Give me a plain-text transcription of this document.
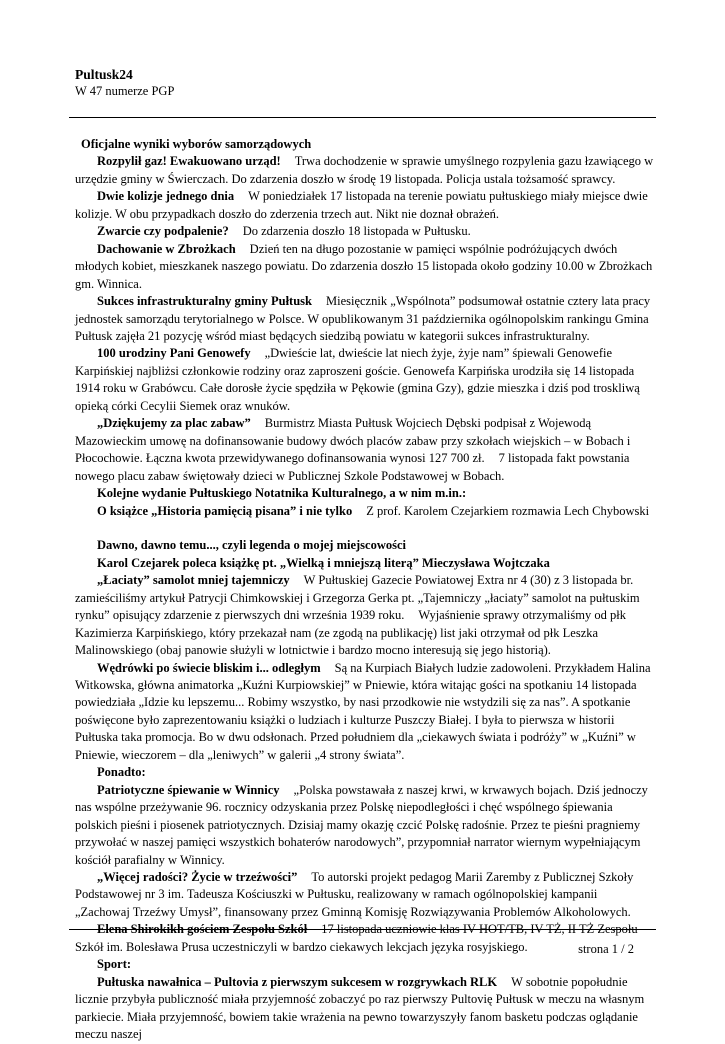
Pultusk24
W 47 numerze PGP

Oficjalne wyniki wyborów samorządowych

Rozpylił gaz! Ewakuowano urząd! Trwa dochodzenie w sprawie umyślnego rozpylenia gazu łzawiącego w urzędzie gminy w Świerczach. Do zdarzenia doszło w środę 19 listopada. Policja ustala tożsamość sprawcy.

Dwie kolizje jednego dnia W poniedziałek 17 listopada na terenie powiatu pułtuskiego miały miejsce dwie kolizje. W obu przypadkach doszło do zderzenia trzech aut. Nikt nie doznał obrażeń.

Zwarcie czy podpalenie? Do zdarzenia doszło 18 listopada w Pułtusku.

Dachowanie w Zbrożkach Dzień ten na długo pozostanie w pamięci wspólnie podróżujących dwóch młodych kobiet, mieszkanek naszego powiatu. Do zdarzenia doszło 15 listopada około godziny 10.00 w Zbrożkach gm. Winnica.

Sukces infrastrukturalny gminy Pułtusk Miesięcznik „Wspólnota” podsumował ostatnie cztery lata pracy jednostek samorządu terytorialnego w Polsce. W opublikowanym 31 października ogólnopolskim rankingu Gmina Pułtusk zajęła 21 pozycję wśród miast będących siedzibą powiatu w kategorii sukces infrastrukturalny.

100 urodziny Pani Genowefy „Dwieście lat, dwieście lat niech żyje, żyje nam” śpiewali Genowefie Karpińskiej najbliżsi członkowie rodziny oraz zaproszeni goście. Genowefa Karpińska urodziła się 14 listopada 1914 roku w Grabówcu. Całe dorosłe życie spędziła w Pękowie (gmina Gzy), gdzie mieszka i dziś pod troskliwą opieką córki Cecylii Siemek oraz wnuków.

„Dziękujemy za plac zabaw” Burmistrz Miasta Pułtusk Wojciech Dębski podpisał z Wojewodą Mazowieckim umowę na dofinansowanie budowy dwóch placów zabaw przy szkołach wiejskich – w Bobach i Płocochowie. Łączna kwota przewidywanego dofinansowania wynosi 127 700 zł. 7 listopada fakt powstania nowego placu zabaw świętowały dzieci w Publicznej Szkole Podstawowej w Bobach.

Kolejne wydanie Pułtuskiego Notatnika Kulturalnego, a w nim m.in.:

O książce „Historia pamięcią pisana” i nie tylko Z prof. Karolem Czejarkiem rozmawia Lech Chybowski

Dawno, dawno temu..., czyli legenda o mojej miejscowości

Karol Czejarek poleca książkę pt. „Wielką i mniejszą literą” Mieczysława Wojtczaka

„Łaciaty” samolot mniej tajemniczy W Pułtuskiej Gazecie Powiatowej Extra nr 4 (30) z 3 listopada br. zamieściliśmy artykuł Patrycji Chimkowskiej i Grzegorza Gerka pt. „Tajemniczy „łaciaty” samolot na pułtuskim rynku” opisujący zdarzenie z pierwszych dni września 1939 roku. Wyjaśnienie sprawy otrzymaliśmy od płk Kazimierza Karpińskiego, który przekazał nam (ze zgodą na publikację) list jaki otrzymał od płk Leszka Malinowskiego (obaj panowie służyli w lotnictwie i bardzo mocno interesują się jego historią).

Wędrówki po świecie bliskim i... odległym Są na Kurpiach Białych ludzie zadowoleni. Przykładem Halina Witkowska, główna animatorka „Kuźni Kurpiowskiej” w Pniewie, która witając gości na spotkaniu 14 listopada powiedziała „Idzie ku lepszemu... Robimy wszystko, by nasi przodkowie nie wstydzili się za nas”. A spotkanie poświęcone było zaprezentowaniu książki o ludziach i kulturze Puszczy Białej. I była to pierwsza w historii Pułtuska taka promocja. Bo w dwu odsłonach. Przed południem dla „ciekawych świata i podróży” w „Kuźni” w Pniewie, wieczorem – dla „leniwych” w galerii „4 strony świata”.

Ponadto:

Patriotyczne śpiewanie w Winnicy „Polska powstawała z naszej krwi, w krwawych bojach. Dziś jednoczy nas wspólne przeżywanie 96. rocznicy odzyskania przez Polskę niepodległości i chęć wspólnego śpiewania polskich pieśni i piosenek patriotycznych. Dzisiaj mamy okazję czcić Polskę radośnie. Przez te pieśni pragniemy przywołać w naszej pamięci wszystkich bohaterów narodowych”, przypomniał narrator wiernym wypełniającym kościół parafialny w Winnicy.

„Więcej radości? Życie w trzeźwości” To autorski projekt pedagog Marii Zaremby z Publicznej Szkoły Podstawowej nr 3 im. Tadeusza Kościuszki w Pułtusku, realizowany w ramach ogólnopolskiej kampanii „Zachowaj Trzeźwy Umysł”, finansowany przez Gminną Komisję Rozwiązywania Problemów Alkoholowych.

Elena Shirokikh gościem Zespołu Szkół 17 listopada uczniowie klas IV HOT/TB, IV TŻ, II TŻ Zespołu Szkół im. Bolesława Prusa uczestniczyli w bardzo ciekawych lekcjach języka rosyjskiego.

Sport:

Pułtuska nawałnica – Pultovia z pierwszym sukcesem w rozgrywkach RLK W sobotnie popołudnie licznie przybyła publiczność miała przyjemność zobaczyć po raz pierwszy Pultovię Pułtusk w meczu na własnym parkiecie. Miała przyjemność, bowiem takie wrażenia na pewno towarzyszyły fanom basketu podczas oglądanie meczu naszej

strona 1 / 2
